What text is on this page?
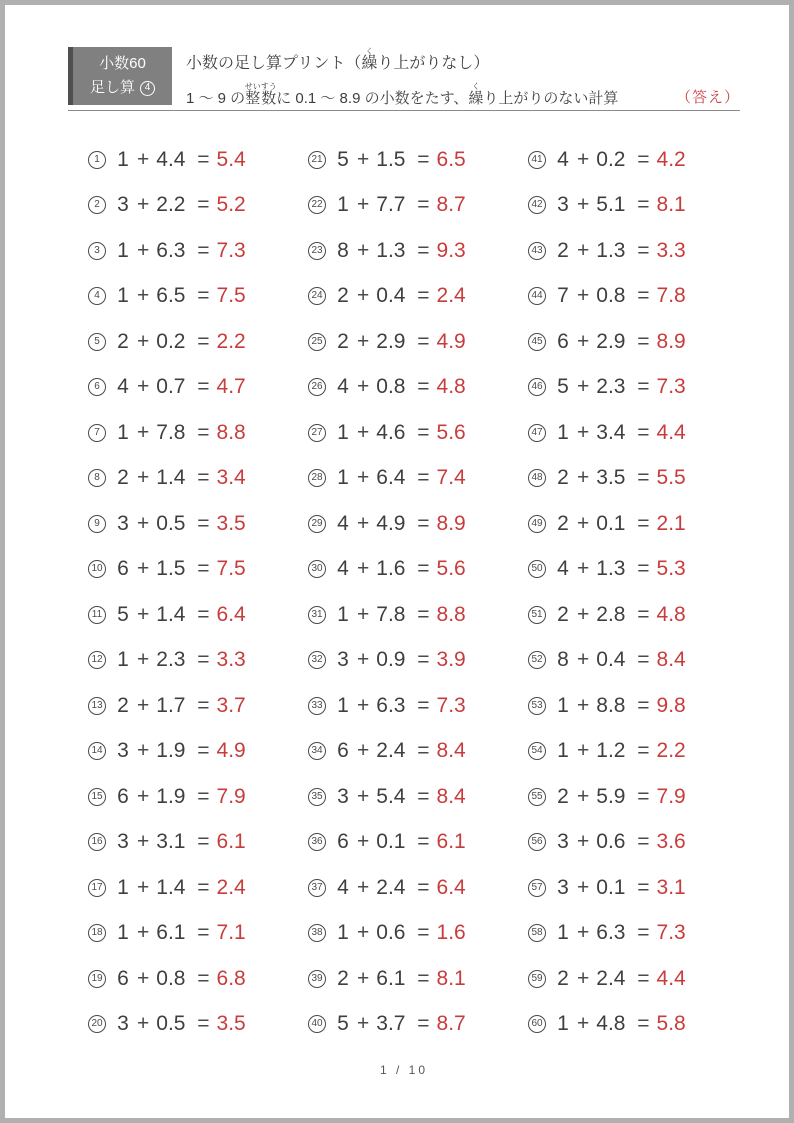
小数60
足し算 4
小数の足し算プリント（繰くり上がりなし）
1 ～ 9 の整数せいすうに 0.1 ～ 8.9 の小数をたす、繰くり上がりのない計算	（答え）
1 1 + 4.4 = 5.4
2 3 + 2.2 = 5.2
3 1 + 6.3 = 7.3
4 1 + 6.5 = 7.5
5 2 + 0.2 = 2.2
6 4 + 0.7 = 4.7
7 1 + 7.8 = 8.8
8 2 + 1.4 = 3.4
9 3 + 0.5 = 3.5
10 6 + 1.5 = 7.5
11 5 + 1.4 = 6.4
12 1 + 2.3 = 3.3
13 2 + 1.7 = 3.7
14 3 + 1.9 = 4.9
15 6 + 1.9 = 7.9
16 3 + 3.1 = 6.1
17 1 + 1.4 = 2.4
18 1 + 6.1 = 7.1
19 6 + 0.8 = 6.8
20 3 + 0.5 = 3.5
21 5 + 1.5 = 6.5
22 1 + 7.7 = 8.7
23 8 + 1.3 = 9.3
24 2 + 0.4 = 2.4
25 2 + 2.9 = 4.9
26 4 + 0.8 = 4.8
27 1 + 4.6 = 5.6
28 1 + 6.4 = 7.4
29 4 + 4.9 = 8.9
30 4 + 1.6 = 5.6
31 1 + 7.8 = 8.8
32 3 + 0.9 = 3.9
33 1 + 6.3 = 7.3
34 6 + 2.4 = 8.4
35 3 + 5.4 = 8.4
36 6 + 0.1 = 6.1
37 4 + 2.4 = 6.4
38 1 + 0.6 = 1.6
39 2 + 6.1 = 8.1
40 5 + 3.7 = 8.7
41 4 + 0.2 = 4.2
42 3 + 5.1 = 8.1
43 2 + 1.3 = 3.3
44 7 + 0.8 = 7.8
45 6 + 2.9 = 8.9
46 5 + 2.3 = 7.3
47 1 + 3.4 = 4.4
48 2 + 3.5 = 5.5
49 2 + 0.1 = 2.1
50 4 + 1.3 = 5.3
51 2 + 2.8 = 4.8
52 8 + 0.4 = 8.4
53 1 + 8.8 = 9.8
54 1 + 1.2 = 2.2
55 2 + 5.9 = 7.9
56 3 + 0.6 = 3.6
57 3 + 0.1 = 3.1
58 1 + 6.3 = 7.3
59 2 + 2.4 = 4.4
60 1 + 4.8 = 5.8
1 / 10
